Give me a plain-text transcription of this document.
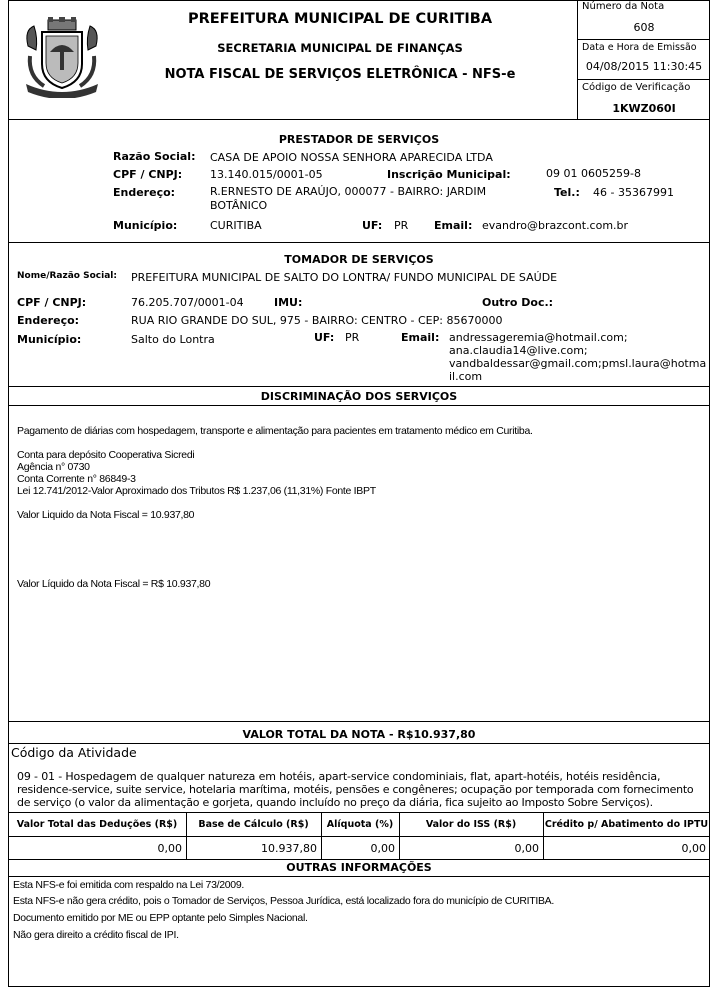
PREFEITURA MUNICIPAL DE CURITIBA
SECRETARIA MUNICIPAL DE FINANÇAS
NOTA FISCAL DE SERVIÇOS ELETRÔNICA - NFS-e
Número da Nota
608
Data e Hora de Emissão
04/08/2015 11:30:45
Código de Verificação
1KWZ060I
PRESTADOR DE SERVIÇOS
Razão Social: CASA DE APOIO NOSSA SENHORA APARECIDA LTDA
CPF / CNPJ:	13.140.015/0001-05	Inscrição Municipal:	09 01 0605259-8
Endereço:	R.ERNESTO DE ARAÚJO, 000077 - BAIRRO: JARDIM
BOTÂNICO
Tel.: 46 - 35367991
Município:	CURITIBA	UF: PR Email: evandro@brazcont.com.br
TOMADOR DE SERVIÇOS
Nome/Razão Social: PREFEITURA MUNICIPAL DE SALTO DO LONTRA/ FUNDO MUNICIPAL DE SAÚDE
CPF / CNPJ:	76.205.707/0001-04	IMU:	Outro Doc.:
Endereço:	RUA RIO GRANDE DO SUL, 975 - BAIRRO: CENTRO - CEP: 85670000
Município:	Salto do Lontra	UF: PR	Email: andressageremia@hotmail.com;
ana.claudia14@live.com;
vandbaldessar@gmail.com;pmsl.laura@hotma
il.com
DISCRIMINAÇÃO DOS SERVIÇOS
Pagamento de diárias com hospedagem, transporte e alimentação para pacientes em tratamento médico em Curitiba.
Conta para depósito Cooperativa Sicredi
Agência n° 0730
Conta Corrente n° 86849-3
Lei 12.741/2012-Valor Aproximado dos Tributos R$ 1.237,06 (11,31%) Fonte IBPT
Valor Liquido da Nota Fiscal = 10.937,80
Valor Líquido da Nota Fiscal = R$ 10.937,80
VALOR TOTAL DA NOTA - R$10.937,80
Código da Atividade
09 - 01 - Hospedagem de qualquer natureza em hotéis, apart-service condominiais, flat, apart-hotéis, hotéis residência,
residence-service, suite service, hotelaria marítima, motéis, pensões e congêneres; ocupação por temporada com fornecimento
de serviço (o valor da alimentação e gorjeta, quando incluído no preço da diária, fica sujeito ao Imposto Sobre Serviços).
Valor Total das Deduções (R$)	Base de Cálculo (R$)	Alíquota (%)	Valor do ISS (R$)	Crédito p/ Abatimento do IPTU
0,00	10.937,80	0,00	0,00	0,00
OUTRAS INFORMAÇÕES
Esta NFS-e foi emitida com respaldo na Lei 73/2009.
Esta NFS-e não gera crédito, pois o Tomador de Serviços, Pessoa Jurídica, está localizado fora do município de CURITIBA.
Documento emitido por ME ou EPP optante pelo Simples Nacional.
Não gera direito a crédito fiscal de IPI.
